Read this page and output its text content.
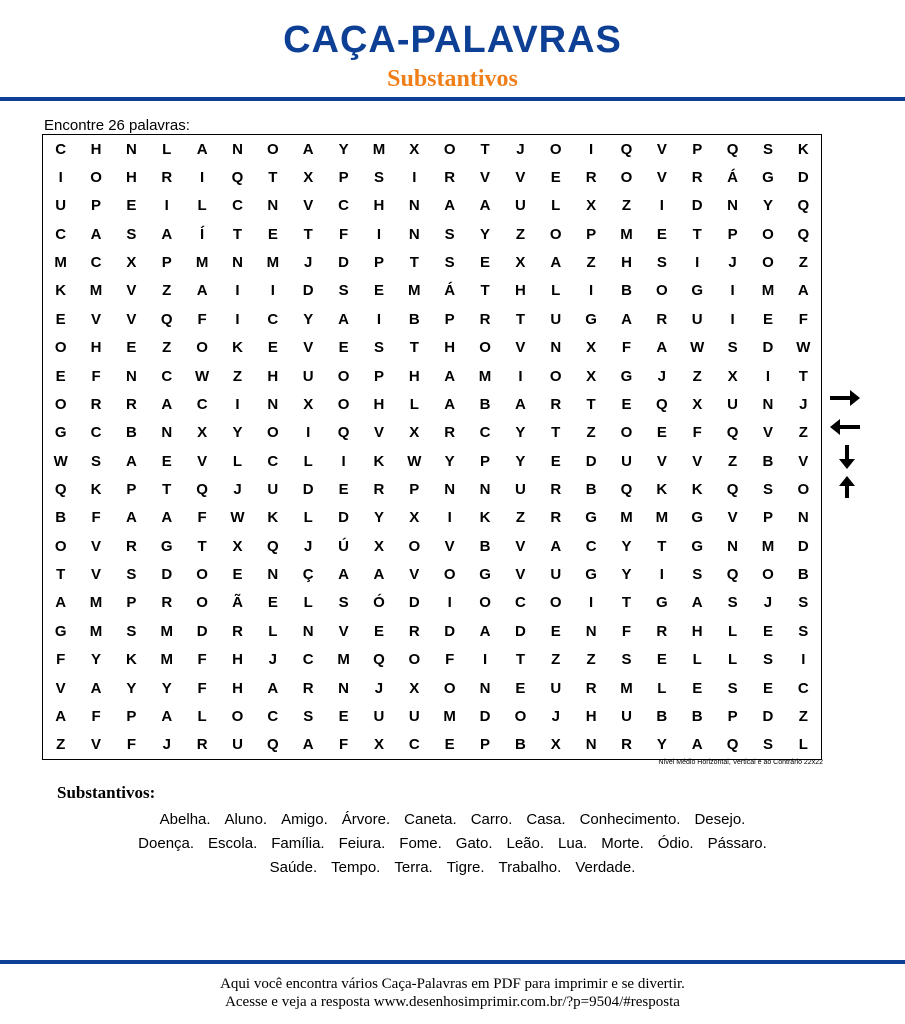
CAÇA-PALAVRAS
Substantivos
Encontre 26 palavras:
C	H	N	L	A	N	O	A	Y	M	X	O	T	J	O	I	Q	V	P	Q	S	K
I	O	H	R	I	Q	T	X	P	S	I	R	V	V	E	R	O	V	R	Á	G	D
U	P	E	I	L	C	N	V	C	H	N	A	A	U	L	X	Z	I	D	N	Y	Q
C	A	S	A	Í	T	E	T	F	I	N	S	Y	Z	O	P	M	E	T	P	O	Q
M	C	X	P	M	N	M	J	D	P	T	S	E	X	A	Z	H	S	I	J	O	Z
K	M	V	Z	A	I	I	D	S	E	M	Á	T	H	L	I	B	O	G	I	M	A
E	V	V	Q	F	I	C	Y	A	I	B	P	R	T	U	G	A	R	U	I	E	F
O	H	E	Z	O	K	E	V	E	S	T	H	O	V	N	X	F	A	W	S	D	W
E	F	N	C	W	Z	H	U	O	P	H	A	M	I	O	X	G	J	Z	X	I	T
O	R	R	A	C	I	N	X	O	H	L	A	B	A	R	T	E	Q	X	U	N	J
G	C	B	N	X	Y	O	I	Q	V	X	R	C	Y	T	Z	O	E	F	Q	V	Z
W	S	A	E	V	L	C	L	I	K	W	Y	P	Y	E	D	U	V	V	Z	B	V
Q	K	P	T	Q	J	U	D	E	R	P	N	N	U	R	B	Q	K	K	Q	S	O
B	F	A	A	F	W	K	L	D	Y	X	I	K	Z	R	G	M	M	G	V	P	N
O	V	R	G	T	X	Q	J	Ú	X	O	V	B	V	A	C	Y	T	G	N	M	D
T	V	S	D	O	E	N	Ç	A	A	V	O	G	V	U	G	Y	I	S	Q	O	B
A	M	P	R	O	Ã	E	L	S	Ó	D	I	O	C	O	I	T	G	A	S	J	S
G	M	S	M	D	R	L	N	V	E	R	D	A	D	E	N	F	R	H	L	E	S
F	Y	K	M	F	H	J	C	M	Q	O	F	I	T	Z	Z	S	E	L	L	S	I
V	A	Y	Y	F	H	A	R	N	J	X	O	N	E	U	R	M	L	E	S	E	C
A	F	P	A	L	O	C	S	E	U	U	M	D	O	J	H	U	B	B	P	D	Z
Z	V	F	J	R	U	Q	A	F	X	C	E	P	B	X	N	R	Y	A	Q	S	L
Nível Médio Horizontal, Vertical e ao Contrário 22x22
Substantivos:
Abelha. Aluno. Amigo. Árvore. Caneta. Carro. Casa. Conhecimento. Desejo.
Doença. Escola. Família. Feiura. Fome. Gato. Leão. Lua. Morte. Ódio. Pássaro.
Saúde. Tempo. Terra. Tigre. Trabalho. Verdade.
Aqui você encontra vários Caça-Palavras em PDF para imprimir e se divertir.
Acesse e veja a resposta www.desenhosimprimir.com.br/?p=9504/#resposta
